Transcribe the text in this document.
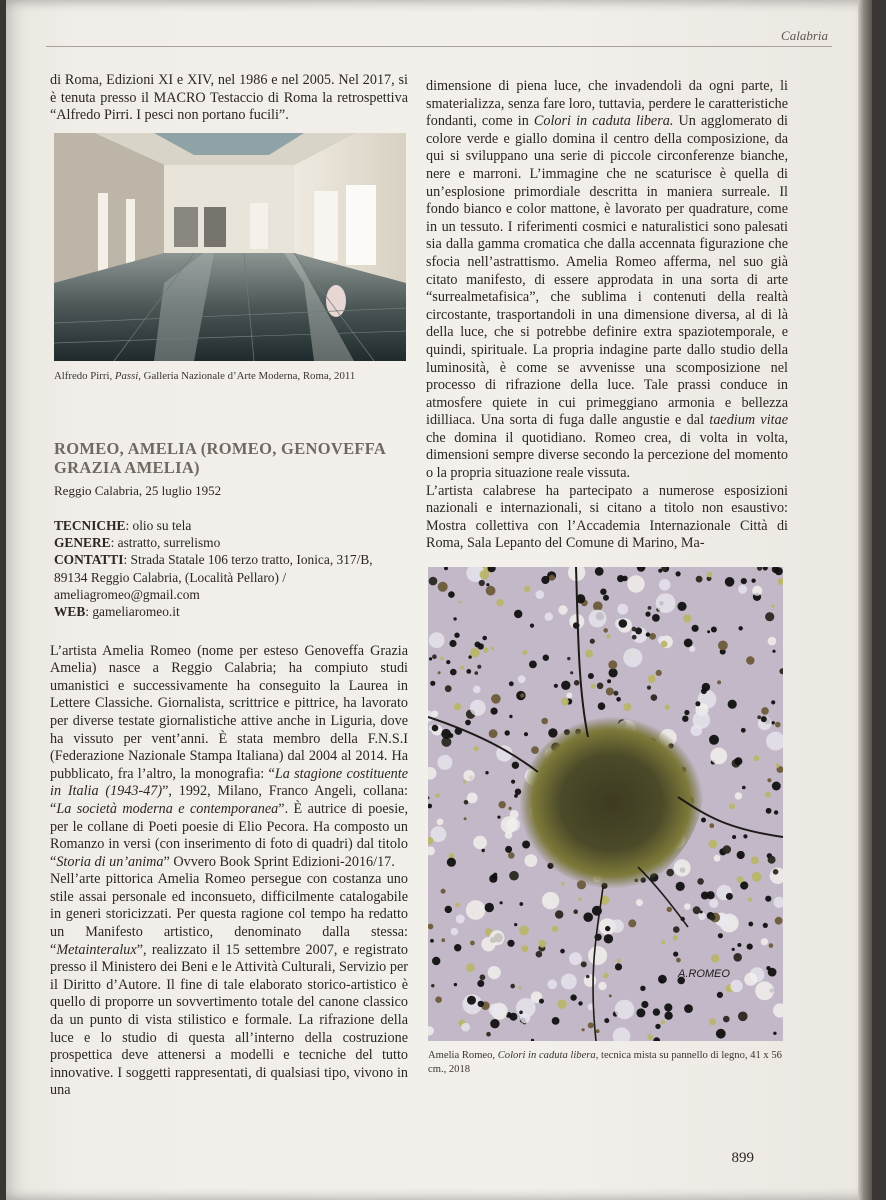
Calabria

di Roma, Edizioni XI e XIV, nel 1986 e nel 2005. Nel 2017, si è tenuta presso il MACRO Testaccio di Roma la retrospettiva “Alfredo Pirri. I pesci non portano fucili”.

Alfredo Pirri, Passi, Galleria Nazionale d’Arte Moderna, Roma, 2011
ROMEO, AMELIA (ROMEO, GENOVEFFA GRAZIA AMELIA)
Reggio Calabria, 25 luglio 1952
TECNICHE: olio su tela
GENERE: astratto, surrelismo
CONTATTI: Strada Statale 106 terzo tratto, Ionica, 317/B, 89134 Reggio Calabria, (Località Pellaro) / ameliagromeo@gmail.com
WEB: gameliaromeo.it

L’artista Amelia Romeo (nome per esteso Genoveffa Grazia Amelia) nasce a Reggio Calabria; ha compiuto studi umanistici e successivamente ha conseguito la Laurea in Lettere Classiche. Giornalista, scrittrice e pittrice, ha lavorato per diverse testate giornalistiche attive anche in Liguria, dove ha vissuto per vent’anni. È stata membro della F.N.S.I (Federazione Nazionale Stampa Italiana) dal 2004 al 2014. Ha pubblicato, fra l’altro, la monografia: “La stagione costituente in Italia (1943-47)”, 1992, Milano, Franco Angeli, collana: “La società moderna e contemporanea”. È autrice di poesie, per le collane di Poeti poesie di Elio Pecora. Ha composto un Romanzo in versi (con inserimento di foto di quadri) dal titolo “Storia di un’anima” Ovvero Book Sprint Edizioni-2016/17.

Nell’arte pittorica Amelia Romeo persegue con costanza uno stile assai personale ed inconsueto, difficilmente catalogabile in generi storicizzati. Per questa ragione col tempo ha redatto un Manifesto artistico, denominato dalla stessa: “Metainteralux”, realizzato il 15 settembre 2007, e registrato presso il Ministero dei Beni e le Attività Culturali, Servizio per il Diritto d’Autore. Il fine di tale elaborato storico-artistico è quello di proporre un sovvertimento totale del canone classico da un punto di vista stilistico e formale. La rifrazione della luce e lo studio di questa all’interno della costruzione prospettica deve attenersi a modelli e tecniche del tutto innovative. I soggetti rappresentati, di qualsiasi tipo, vivono in una

dimensione di piena luce, che invadendoli da ogni parte, li smaterializza, senza fare loro, tuttavia, perdere le caratteristiche fondanti, come in Colori in caduta libera. Un agglomerato di colore verde e giallo domina il centro della composizione, da qui si sviluppano una serie di piccole circonferenze bianche, nere e marroni. L’immagine che ne scaturisce è quella di un’esplosione primordiale descritta in maniera surreale. Il fondo bianco e color mattone, è lavorato per quadrature, come in un tessuto. I riferimenti cosmici e naturalistici sono palesati sia dalla gamma cromatica che dalla accennata figurazione che sfocia nell’astrattismo. Amelia Romeo afferma, nel suo già citato manifesto, di essere approdata in una sorta di arte “surrealmetafisica”, che sublima i contenuti della realtà circostante, trasportandoli in una dimensione diversa, al di là della luce, che si potrebbe definire extra spaziotemporale, e quindi, spirituale. La propria indagine parte dallo studio della luminosità, è come se avvenisse una scomposizione nel processo di rifrazione della luce. Tale prassi conduce in atmosfere quiete in cui primeggiano armonia e bellezza idilliaca. Una sorta di fuga dalle angustie e dal taedium vitae che domina il quotidiano. Romeo crea, di volta in volta, dimensioni sempre diverse secondo la percezione del momento o la propria situazione reale vissuta.

L’artista calabrese ha partecipato a numerose esposizioni nazionali e internazionali, si citano a titolo non esaustivo: Mostra collettiva con l’Accademia Internazionale Città di Roma, Sala Lepanto del Comune di Marino, Ma-

A.ROMEO
Amelia Romeo, Colori in caduta libera, tecnica mista su pannello di legno, 41 x 56 cm., 2018
899
